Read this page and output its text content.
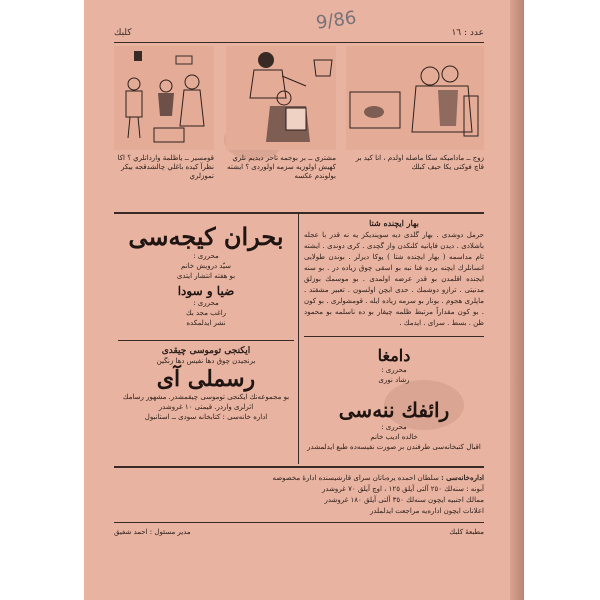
9/86	عدد : ١٦
كلبك
قومسير ــ ياظلمة وارداتلري ؟ اكا نظرآ كيده باغلي چالشدقجه بيكر تموزلري
مشتري ــ بر بوجمه تاحر ديديم نلري كهيش اولوزيه سزمه اولوردى ؟ ايشته بولوندم عكسه
زوج ــ ماداميكه سكا ماصله اولدم ، انا كيد بر قاچ فوكتى يكا حيف كبلك
بحران كيجه‌سى
محررى :
سيّد درويش خانم
بو هفته انتشار ايتدى
ضيا و سودا
محررى :
راغب مجد بك
نشر ايدلمكده
ايكنجى توموسى چيقدى
برنجيدن چوق دها نفيس دها زنگين
رسملى آى
بو مجموعه‌نك ايكنجى توموسى چيقمشدر. مشهور رسامك اثرلرى واردر. قيمتى ١٠ غروشدر
اداره خانه‌سى : كتابخانه سودى ــ استانبول
بهار ايچنده شتا
حرمل دوشدى . بهار گلدى ديه سوينديكز يه نه قدر با عجله باشلادى . ديدن فاپانيه كلنكدن واز گچدى . كرى دوندى . ايشته تام مداسمه ( بهار ايچنده شتا ) يوكا ديرلر . بوندن طولايى انسانلرك ايچنه برده فنا نبه بو اسقى چوق زياده در . بو سنه ايجنده اقلمدن بو قدر عرضه اولمدى . بو موسمك بوزلق مدنيتى . ترازو دوشمك . حدى ايچن اولسون . تعبير مشقتد . ماپلرى هجوم . بونار بو سرمه زياده ايله . قومشولرى . بو كون . بو كون مقداراً مرتبط ظلمه چيقار بو ده ناسلمه بو محمود ظن . بسط . سراى . ايدمك .
دامغا
محررى :
رشاد نورى
رائفك ننه‌سى
محررى :
خالده اديب خانم
اقبال كتبخانه‌سى طرفندن بر صورت نفيسه‌ده طبع ايدلمشدر
اداره‌خانه‌سى : سلطان احمده يره‌باتان سراى قارشيسنده ادارهٔ مخصوصه
آبونه : سنه‌لك ٢٥٠ آلتى آيلق ١٢٥ ، اوچ آيلق ٧٠ غروشدر
ممالك اجنبيه ايچون سنه‌لك ٣٥٠ آلتى آيلق ١٨٠ غروشدر
اعلانات ايچون اداره‌يه مراجعت ايدلملدر
مطبعهٔ كلبك
مدير مسئول : احمد شفيق
